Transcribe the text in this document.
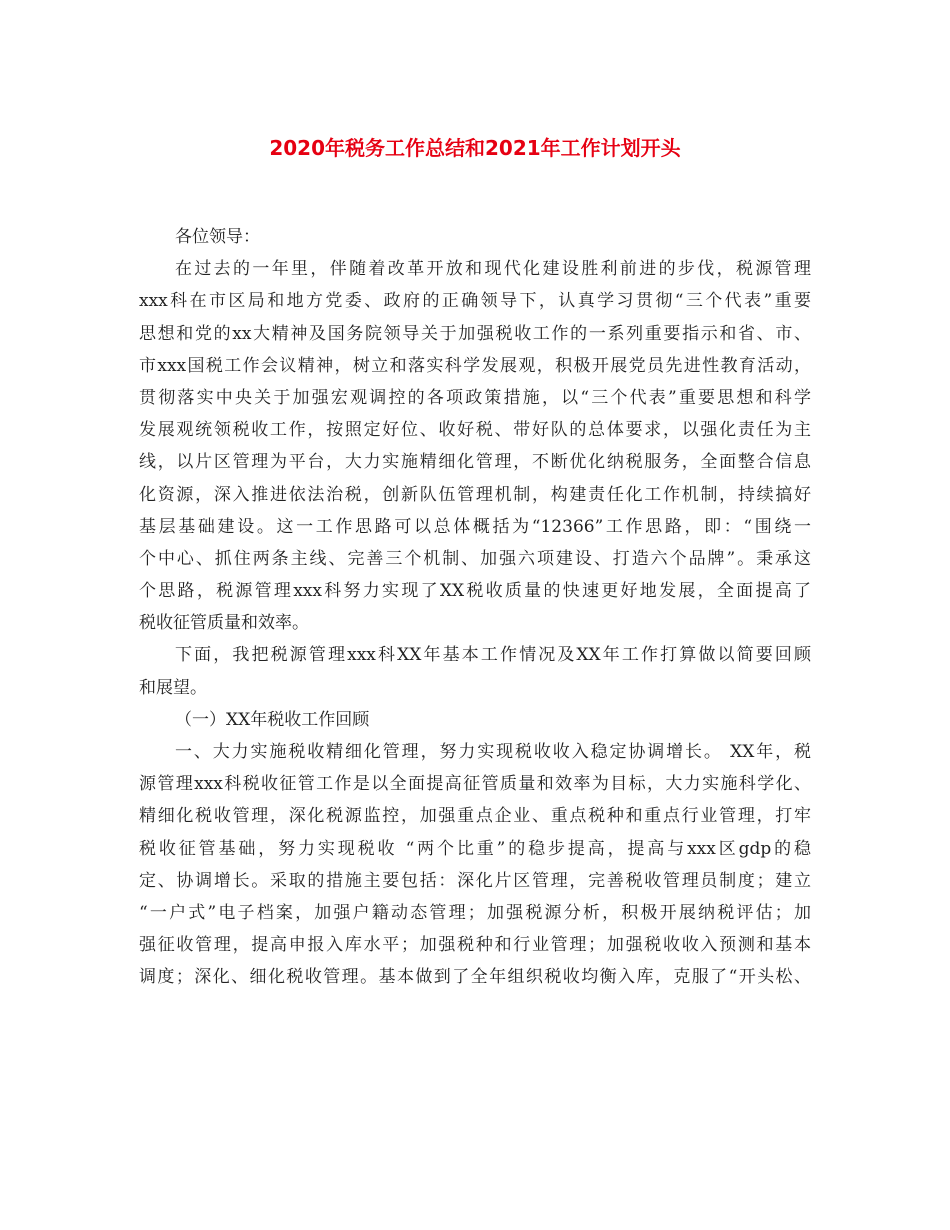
2020年税务工作总结和2021年工作计划开头
各位领导：
在过去的一年里，伴随着改革开放和现代化建设胜利前进的步伐，税源管理
xxx科在市区局和地方党委、政府的正确领导下，认真学习贯彻“三个代表”重要
思想和党的xx大精神及国务院领导关于加强税收工作的一系列重要指示和省、市、
市xxx国税工作会议精神，树立和落实科学发展观，积极开展党员先进性教育活动，
贯彻落实中央关于加强宏观调控的各项政策措施，以“三个代表”重要思想和科学
发展观统领税收工作，按照定好位、收好税、带好队的总体要求，以强化责任为主
线，以片区管理为平台，大力实施精细化管理，不断优化纳税服务，全面整合信息
化资源，深入推进依法治税，创新队伍管理机制，构建责任化工作机制，持续搞好
基层基础建设。这一工作思路可以总体概括为“12366”工作思路，即：“围绕一
个中心、抓住两条主线、完善三个机制、加强六项建设、打造六个品牌”。秉承这
个思路，税源管理xxx科努力实现了XX税收质量的快速更好地发展，全面提高了
税收征管质量和效率。
下面，我把税源管理xxx科XX年基本工作情况及XX年工作打算做以简要回顾
和展望。
（一）XX年税收工作回顾
一、大力实施税收精细化管理，努力实现税收收入稳定协调增长。 XX年，税
源管理xxx科税收征管工作是以全面提高征管质量和效率为目标，大力实施科学化、
精细化税收管理，深化税源监控，加强重点企业、重点税种和重点行业管理，打牢
税收征管基础，努力实现税收 “两个比重”的稳步提高，提高与xxx区gdp的稳
定、协调增长。采取的措施主要包括：深化片区管理，完善税收管理员制度；建立
“一户式”电子档案，加强户籍动态管理；加强税源分析，积极开展纳税评估；加
强征收管理，提高申报入库水平；加强税种和行业管理；加强税收收入预测和基本
调度；深化、细化税收管理。基本做到了全年组织税收均衡入库，克服了“开头松、
